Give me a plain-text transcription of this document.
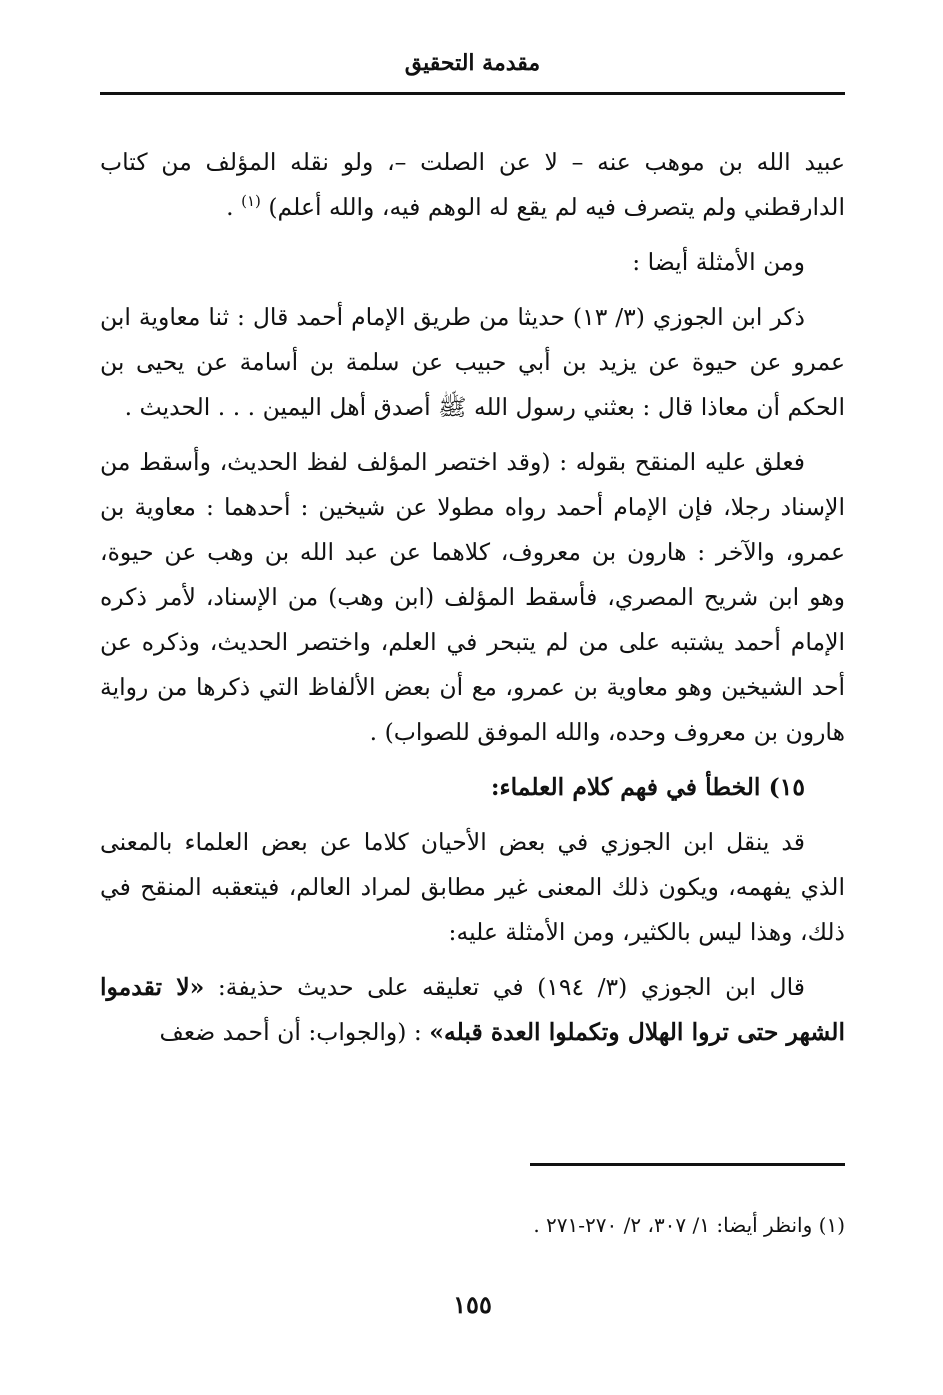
مقدمة التحقيق

عبيد الله بن موهب عنه – لا عن الصلت –، ولو نقله المؤلف من كتاب الدارقطني ولم يتصرف فيه لم يقع له الوهم فيه، والله أعلم) $^{(١)}$ .

ومن الأمثلة أيضا :

ذكر ابن الجوزي (٣/ ١٣) حديثا من طريق الإمام أحمد قال : ثنا معاوية ابن عمرو عن حيوة عن يزيد بن أبي حبيب عن سلمة بن أسامة عن يحيى بن الحكم أن معاذا قال : بعثني رسول الله ﷺ أصدق أهل اليمين . . . الحديث .

فعلق عليه المنقح بقوله : (وقد اختصر المؤلف لفظ الحديث، وأسقط من الإسناد رجلا، فإن الإمام أحمد رواه مطولا عن شيخين : أحدهما : معاوية بن عمرو، والآخر : هارون بن معروف، كلاهما عن عبد الله بن وهب عن حيوة، وهو ابن شريح المصري، فأسقط المؤلف (ابن وهب) من الإسناد، لأمر ذكره الإمام أحمد يشتبه على من لم يتبحر في العلم، واختصر الحديث، وذكره عن أحد الشيخين وهو معاوية بن عمرو، مع أن بعض الألفاظ التي ذكرها من رواية هارون بن معروف وحده، والله الموفق للصواب) .

١٥) الخطأ في فهم كلام العلماء:

قد ينقل ابن الجوزي في بعض الأحيان كلاما عن بعض العلماء بالمعنى الذي يفهمه، ويكون ذلك المعنى غير مطابق لمراد العالم، فيتعقبه المنقح في ذلك، وهذا ليس بالكثير، ومن الأمثلة عليه:

قال ابن الجوزي (٣/ ١٩٤) في تعليقه على حديث حذيفة: «لا تقدموا الشهر حتى تروا الهلال وتكملوا العدة قبله» : (والجواب: أن أحمد ضعف

(١) وانظر أيضا: ١/ ٣٠٧، ٢/ ٢٧٠-٢٧١ .
١٥٥
